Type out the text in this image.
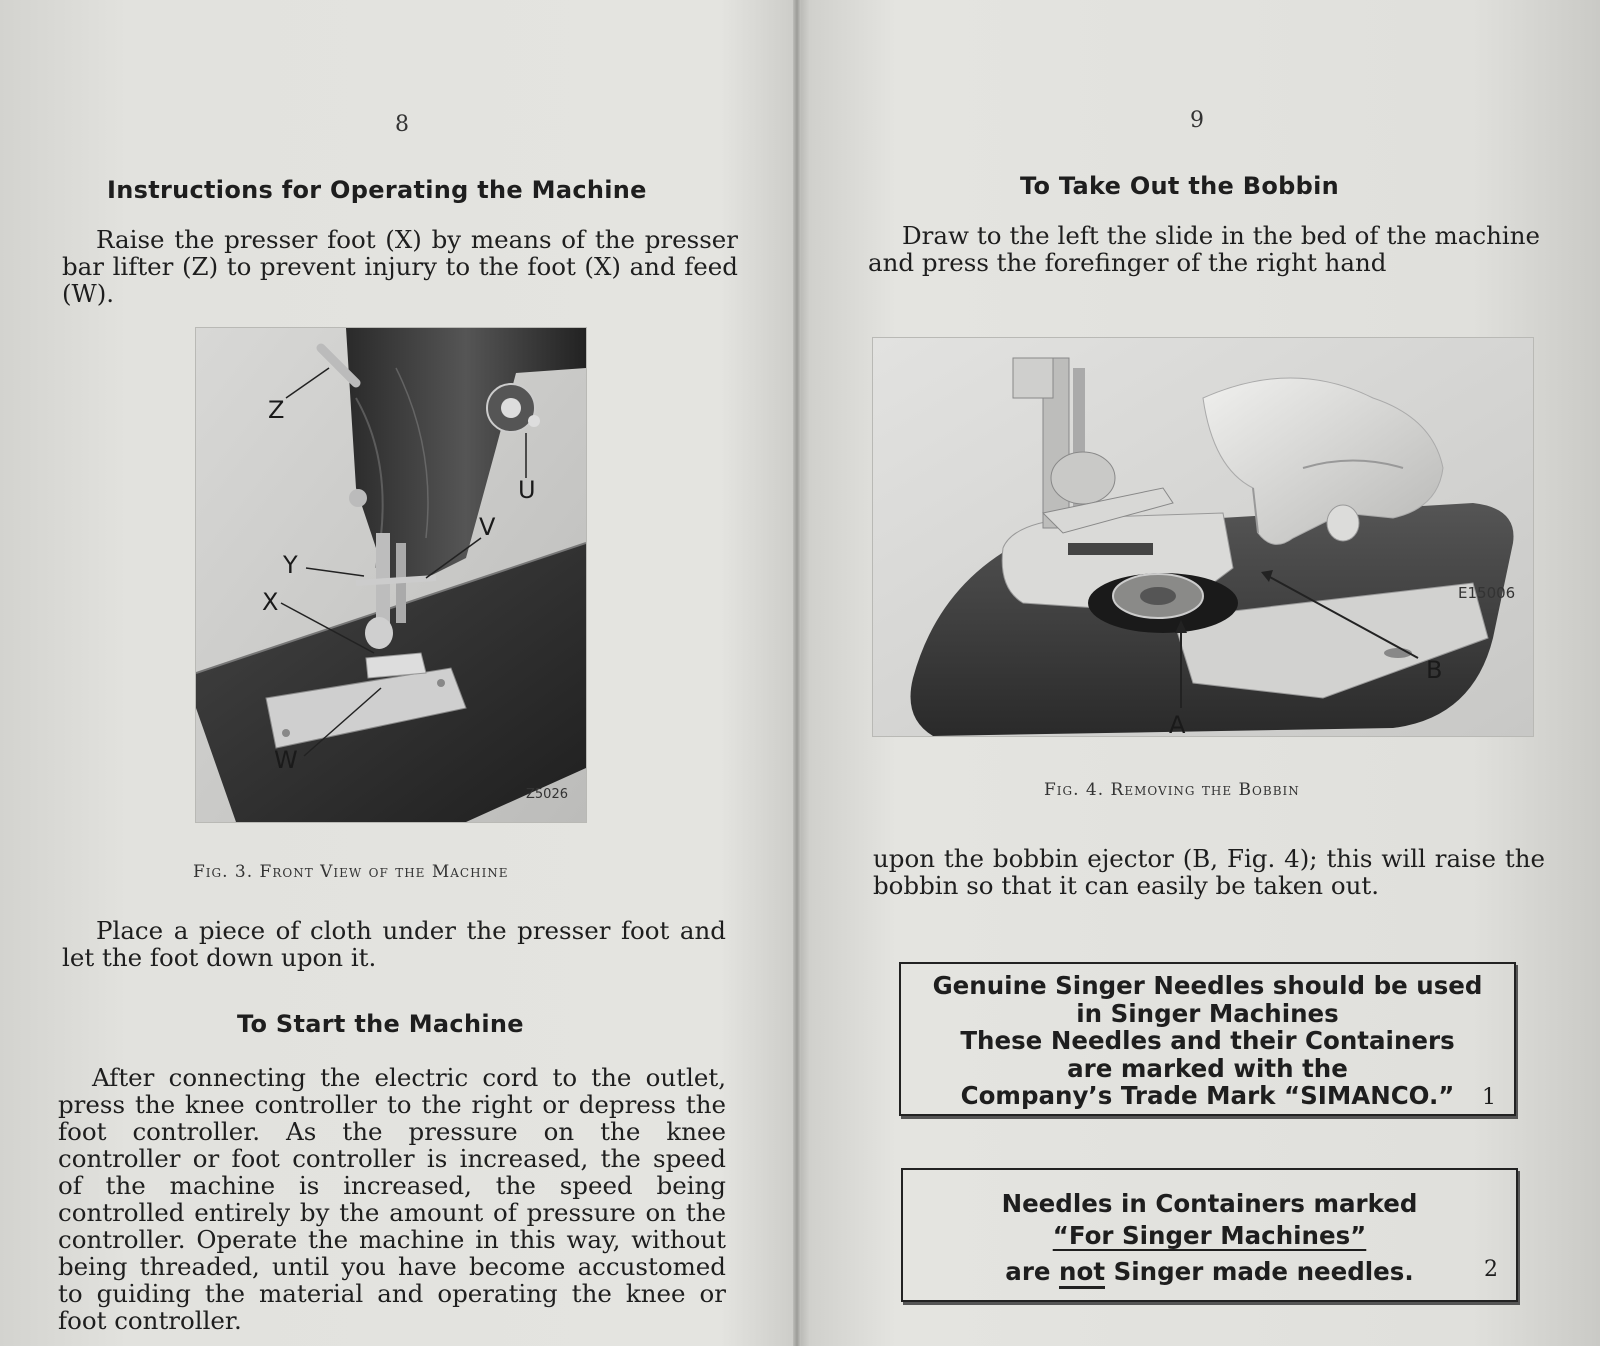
8
Instructions for Operating the Machine

Raise the presser foot (X) by means of the presser bar lifter (Z) to prevent injury to the foot (X) and feed (W).

Z
U
V
Y
X
W
Z5026
Fig. 3. Front View of the Machine

Place a piece of cloth under the presser foot and let the foot down upon it.

To Start the Machine

After connecting the electric cord to the outlet, press the knee controller to the right or depress the foot controller. As the pressure on the knee controller or foot controller is increased, the speed of the machine is increased, the speed being controlled entirely by the amount of pressure on the controller. Operate the machine in this way, without being threaded, until you have become accustomed to guiding the material and operating the knee or foot controller.

9
To Take Out the Bobbin

Draw to the left the slide in the bed of the machine and press the forefinger of the right hand

A
B
E15006
Fig. 4. Removing the Bobbin

upon the bobbin ejector (B, Fig. 4); this will raise the bobbin so that it can easily be taken out.

Genuine Singer Needles should be used
in Singer Machines
These Needles and their Containers
are marked with the
Company’s Trade Mark “SIMANCO.”	1
Needles in Containers marked
“For Singer Machines”
are not Singer made needles.	2
